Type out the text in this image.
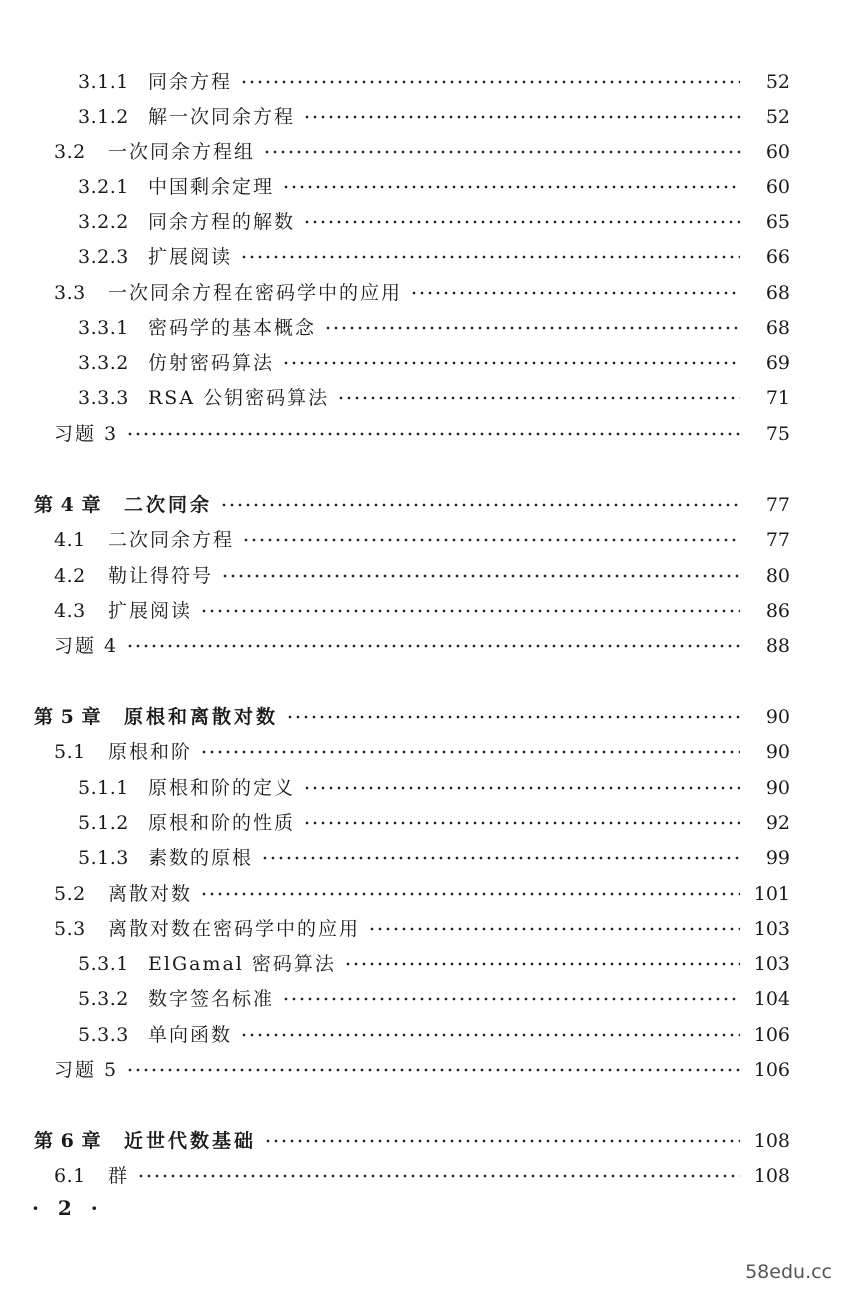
3.1.1 同余方程	52
3.1.2 解一次同余方程	52
3.2 一次同余方程组	60
3.2.1 中国剩余定理	60
3.2.2 同余方程的解数	65
3.2.3 扩展阅读	66
3.3 一次同余方程在密码学中的应用	68
3.3.1 密码学的基本概念	68
3.3.2 仿射密码算法	69
3.3.3 RSA 公钥密码算法	71
习题 3	75
第 4 章 二次同余	77
4.1 二次同余方程	77
4.2 勒让得符号	80
4.3 扩展阅读	86
习题 4	88
第 5 章 原根和离散对数	90
5.1 原根和阶	90
5.1.1 原根和阶的定义	90
5.1.2 原根和阶的性质	92
5.1.3 素数的原根	99
5.2 离散对数	101
5.3 离散对数在密码学中的应用	103
5.3.1 ElGamal 密码算法	103
5.3.2 数字签名标准	104
5.3.3 单向函数	106
习题 5	106
第 6 章 近世代数基础	108
6.1 群	108
· 2 ·
58edu.cc
